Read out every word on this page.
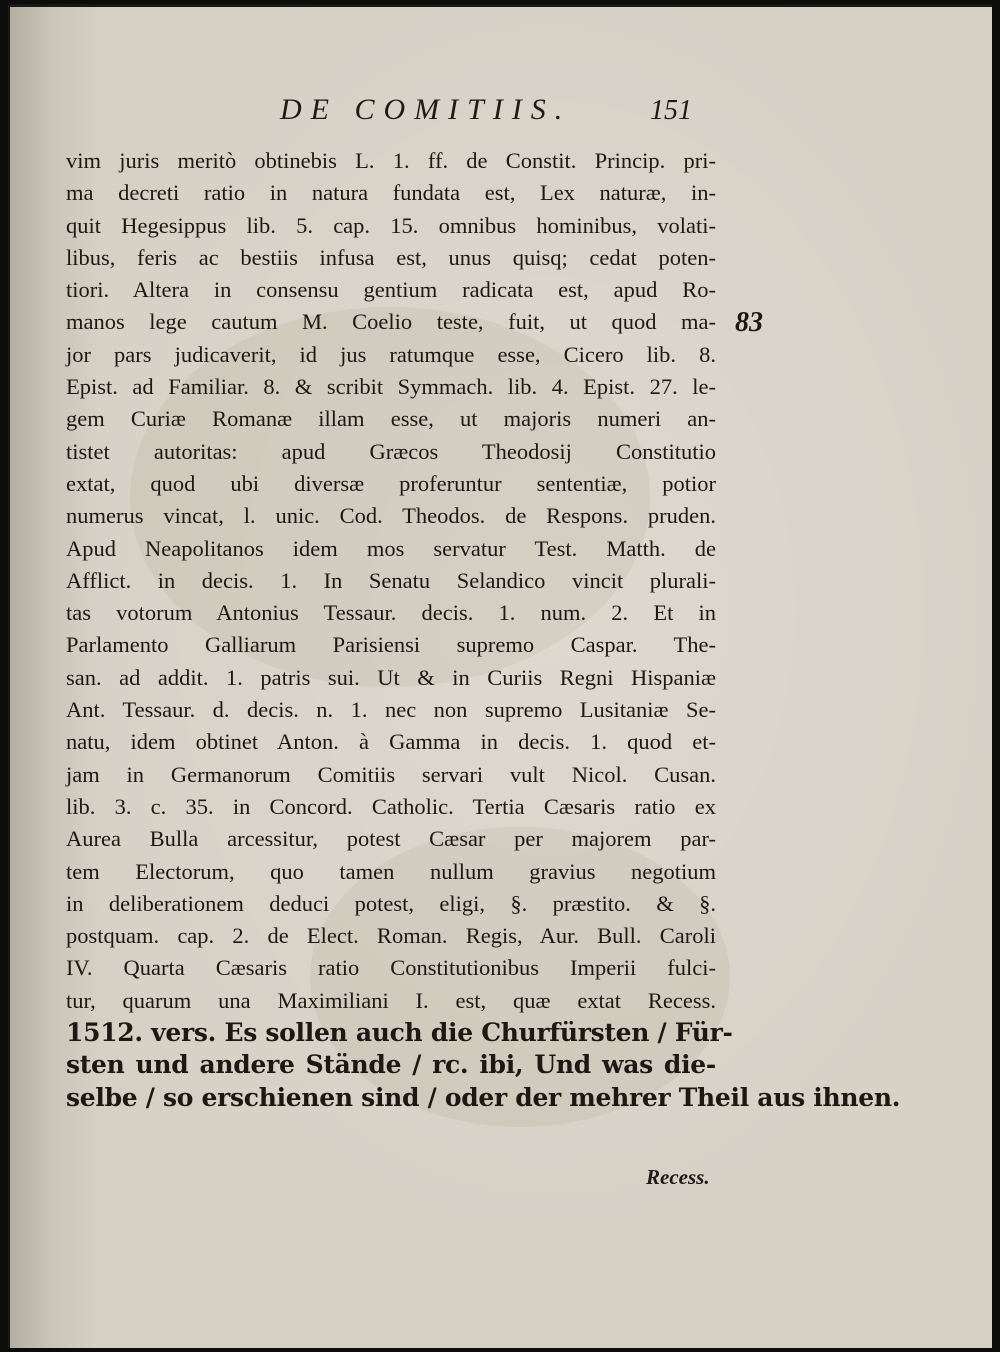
DE COMITIIS.	151
83
vim juris meritò obtinebis L. 1. ff. de Constit. Princip. pri-
ma decreti ratio in natura fundata est, Lex naturæ, in-
quit Hegesippus lib. 5. cap. 15. omnibus hominibus, volati-
libus, feris ac bestiis infusa est, unus quisq; cedat poten-
tiori. Altera in consensu gentium radicata est, apud Ro-
manos lege cautum M. Coelio teste, fuit, ut quod ma-
jor pars judicaverit, id jus ratumque esse, Cicero lib. 8.
Epist. ad Familiar. 8. & scribit Symmach. lib. 4. Epist. 27. le-
gem Curiæ Romanæ illam esse, ut majoris numeri an-
tistet autoritas: apud Græcos Theodosij Constitutio
extat, quod ubi diversæ proferuntur sententiæ, potior
numerus vincat, l. unic. Cod. Theodos. de Respons. pruden.
Apud Neapolitanos idem mos servatur Test. Matth. de
Afflict. in decis. 1. In Senatu Selandico vincit plurali-
tas votorum Antonius Tessaur. decis. 1. num. 2. Et in
Parlamento Galliarum Parisiensi supremo Caspar. The-
san. ad addit. 1. patris sui. Ut & in Curiis Regni Hispaniæ
Ant. Tessaur. d. decis. n. 1. nec non supremo Lusitaniæ Se-
natu, idem obtinet Anton. à Gamma in decis. 1. quod et-
jam in Germanorum Comitiis servari vult Nicol. Cusan.
lib. 3. c. 35. in Concord. Catholic. Tertia Cæsaris ratio ex
Aurea Bulla arcessitur, potest Cæsar per majorem par-
tem Electorum, quo tamen nullum gravius negotium
in deliberationem deduci potest, eligi, §. præstito. & §.
postquam. cap. 2. de Elect. Roman. Regis, Aur. Bull. Caroli
IV. Quarta Cæsaris ratio Constitutionibus Imperii fulci-
tur, quarum una Maximiliani I. est, quæ extat Recess.
1512. vers. Es sollen auch die Churfürsten / Für-
sten und andere Stände / rc. ibi, Und was die-
selbe / so erschienen sind / oder der mehrer Theil aus ihnen.
Recess.
